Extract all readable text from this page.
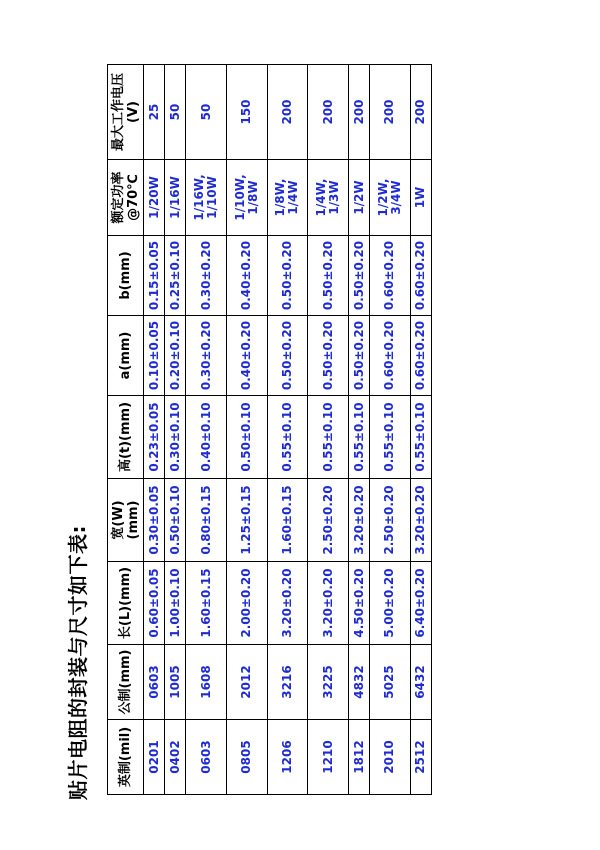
贴片电阻的封装与尺寸如下表: 英制(mil)	公制(mm)	长(L)(mm)	宽(W)(mm)	高(t)(mm)	a(mm)	b(mm)	额定功率@70℃	最大工作电压(V)
0201	0603	0.60±0.05	0.30±0.05	0.23±0.05	0.10±0.05	0.15±0.05	1/20W	25
0402	1005	1.00±0.10	0.50±0.10	0.30±0.10	0.20±0.10	0.25±0.10	1/16W	50
0603	1608	1.60±0.15	0.80±0.15	0.40±0.10	0.30±0.20	0.30±0.20	1/16W, 1/10W	50
0805	2012	2.00±0.20	1.25±0.15	0.50±0.10	0.40±0.20	0.40±0.20	1/10W, 1/8W	150
1206	3216	3.20±0.20	1.60±0.15	0.55±0.10	0.50±0.20	0.50±0.20	1/8W, 1/4W	200
1210	3225	3.20±0.20	2.50±0.20	0.55±0.10	0.50±0.20	0.50±0.20	1/4W, 1/3W	200
1812	4832	4.50±0.20	3.20±0.20	0.55±0.10	0.50±0.20	0.50±0.20	1/2W	200
2010	5025	5.00±0.20	2.50±0.20	0.55±0.10	0.60±0.20	0.60±0.20	1/2W, 3/4W	200
2512	6432	6.40±0.20	3.20±0.20	0.55±0.10	0.60±0.20	0.60±0.20	1W	200
